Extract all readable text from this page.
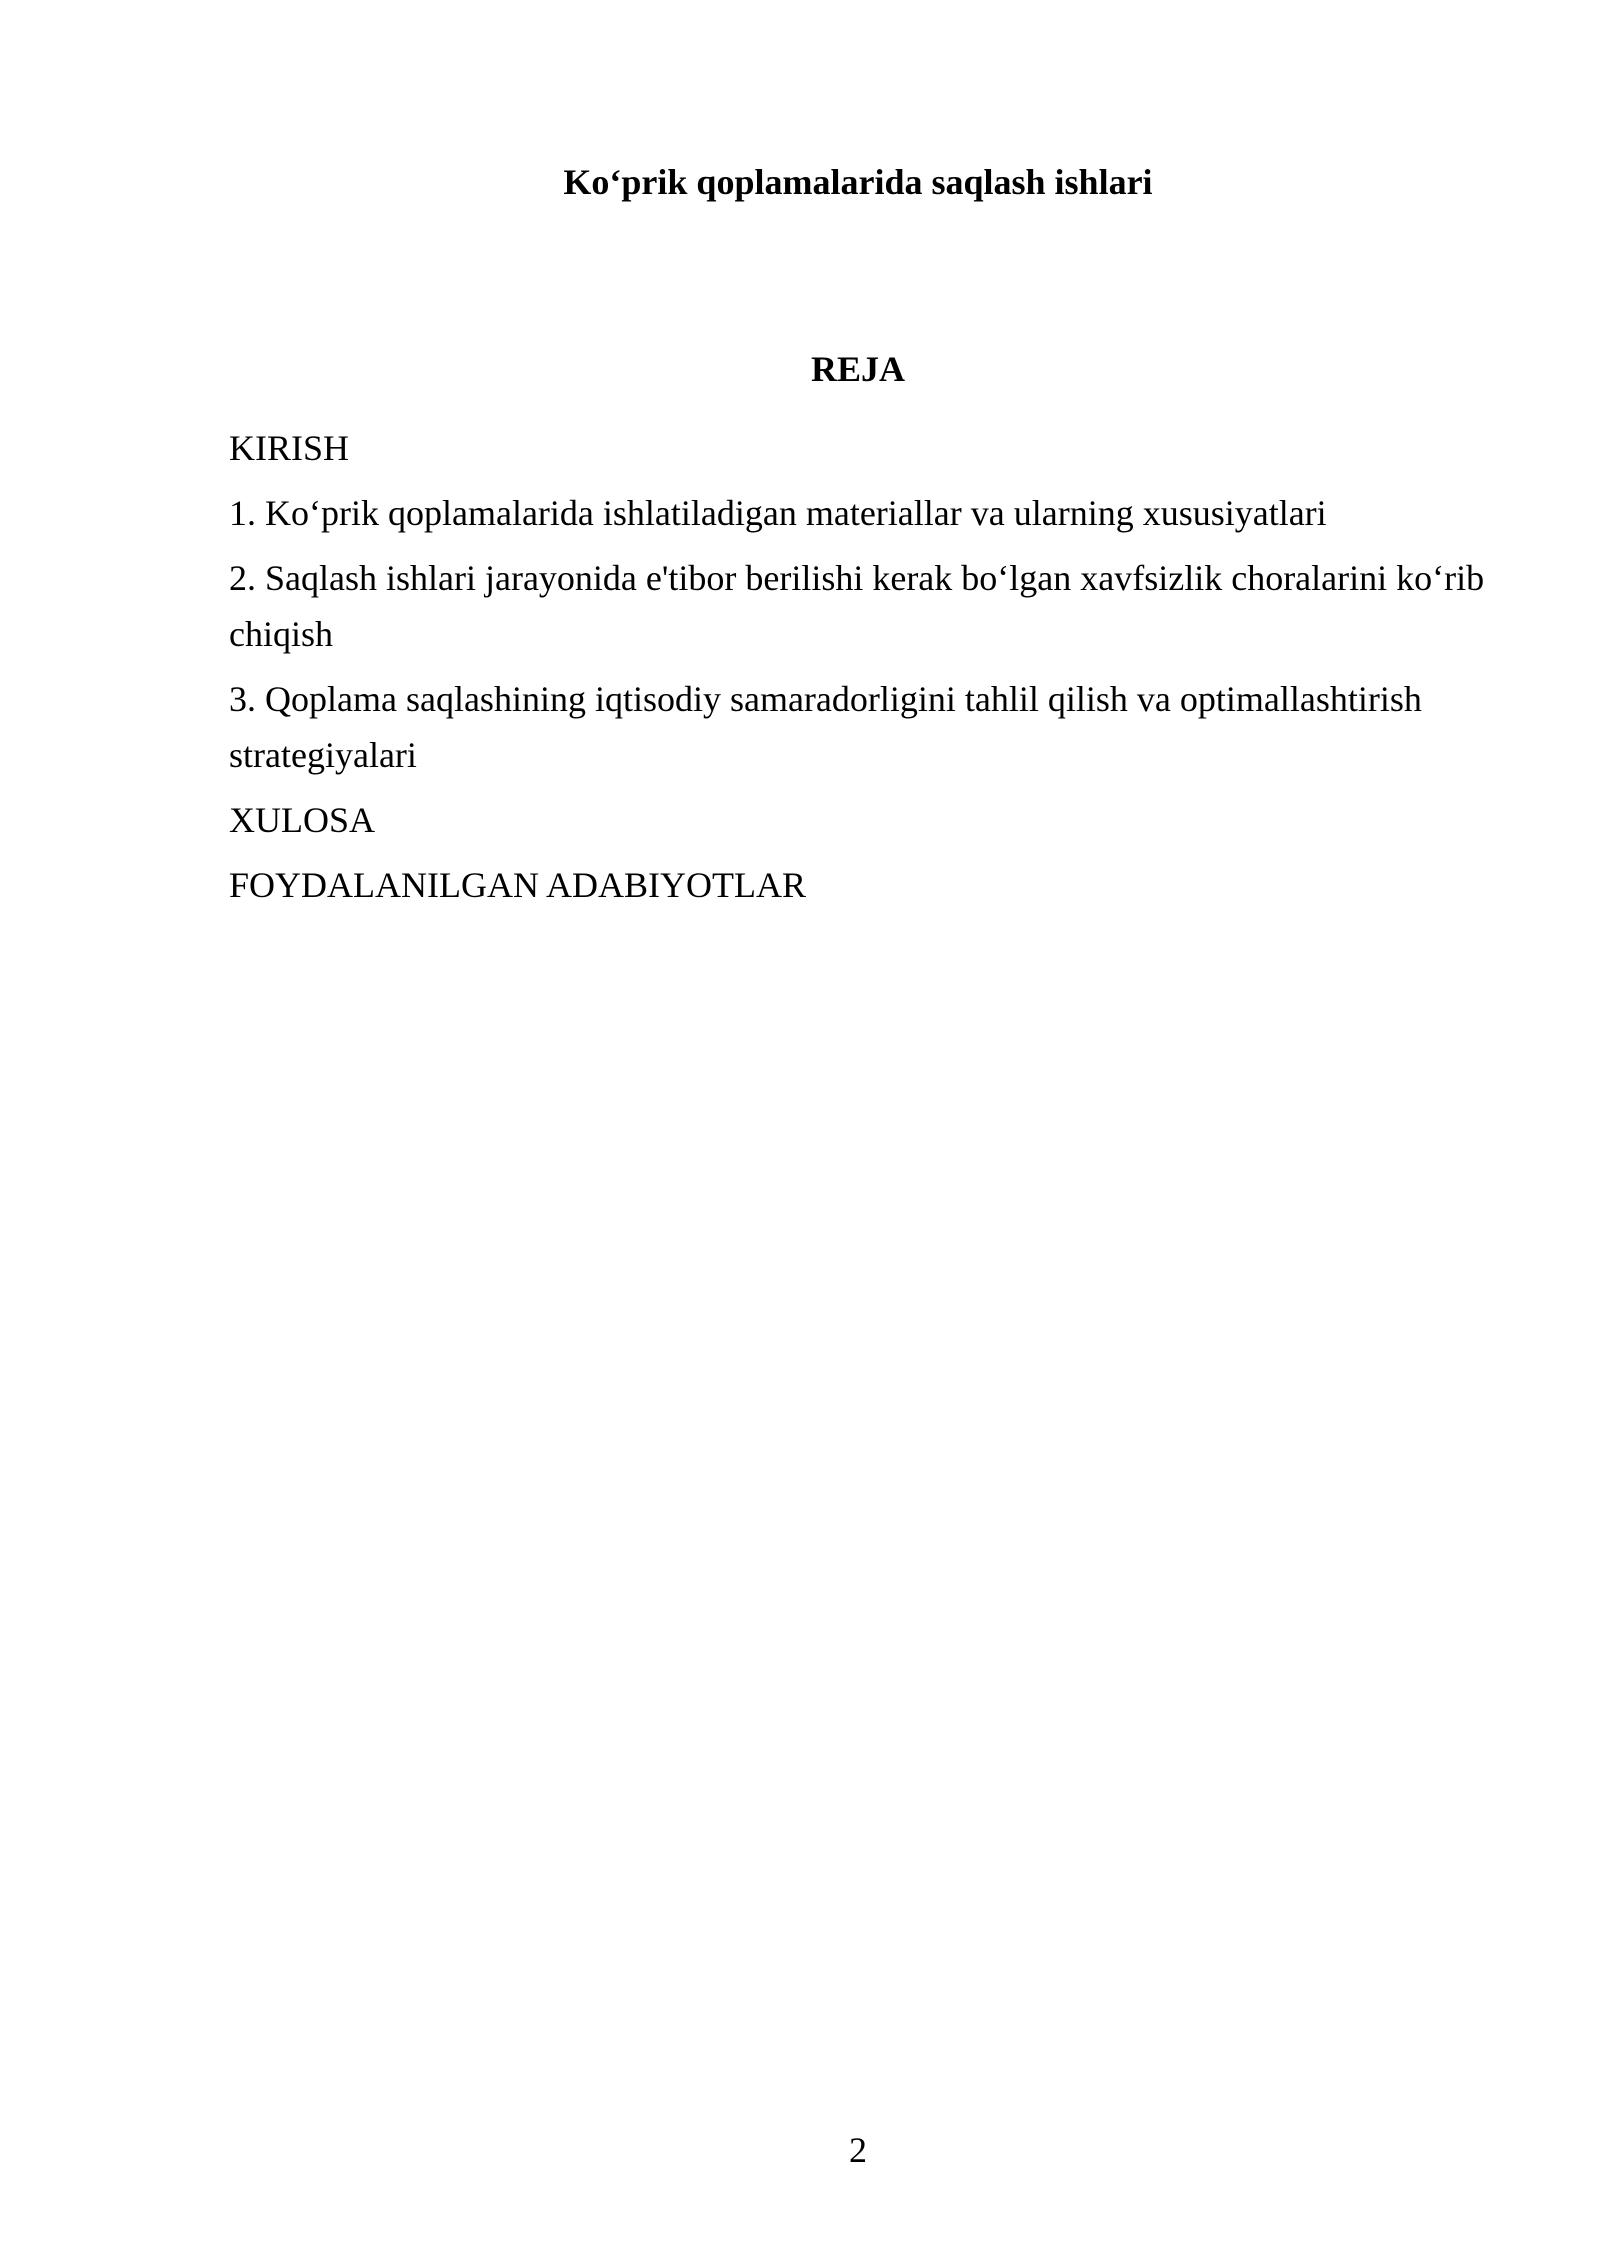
Ko‘prik qoplamalarida saqlash ishlari
REJA
KIRISH
1. Ko‘prik qoplamalarida ishlatiladigan materiallar va ularning xususiyatlari
2. Saqlash ishlari jarayonida e'tibor berilishi kerak bo‘lgan xavfsizlik choralarini ko‘rib chiqish
3. Qoplama saqlashining iqtisodiy samaradorligini tahlil qilish va optimallashtirish strategiyalari
XULOSA
FOYDALANILGAN ADABIYOTLAR
2
